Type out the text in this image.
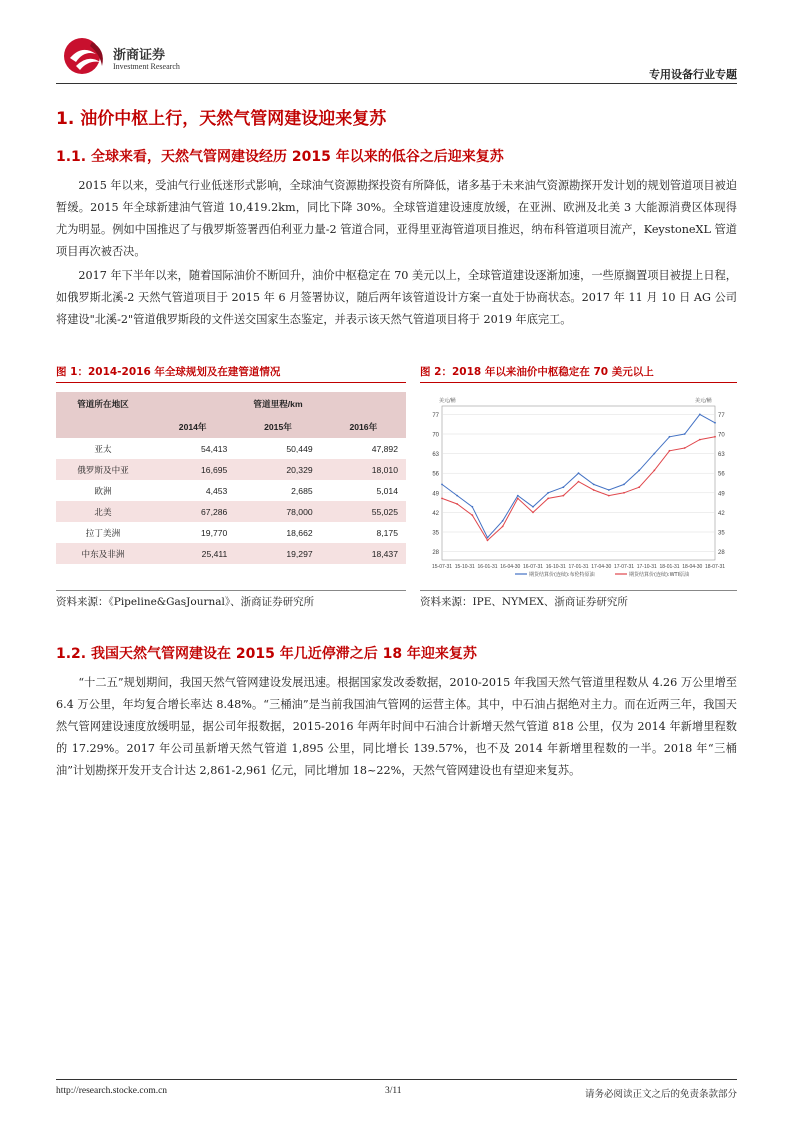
浙商证券
Investment Research
专用设备行业专题
1. 油价中枢上行，天然气管网建设迎来复苏
1.1. 全球来看，天然气管网建设经历 2015 年以来的低谷之后迎来复苏

2015 年以来，受油气行业低迷形式影响，全球油气资源勘探投资有所降低，诸多基于未来油气资源勘探开发计划的规划管道项目被迫暂缓。2015 年全球新建油气管道 10,419.2km，同比下降 30%。全球管道建设速度放缓，在亚洲、欧洲及北美 3 大能源消费区体现得尤为明显。例如中国推迟了与俄罗斯签署西伯利亚力量-2 管道合同，亚得里亚海管道项目推迟，纳布科管道项目流产，KeystoneXL 管道项目再次被否决。

2017 年下半年以来，随着国际油价不断回升，油价中枢稳定在 70 美元以上，全球管道建设逐渐加速，一些原搁置项目被提上日程，如俄罗斯北溪-2 天然气管道项目于 2015 年 6 月签署协议，随后两年该管道设计方案一直处于协商状态。2017 年 11 月 10 日 AG 公司将建设"北溪-2"管道俄罗斯段的文件送交国家生态鉴定，并表示该天然气管道项目将于 2019 年底完工。

图 1：2014-2016 年全球规划及在建管道情况
管道所在地区	管道里程/km		
	2014年	2015年	2016年
亚太	54,413	50,449	47,892
俄罗斯及中亚	16,695	20,329	18,010
欧洲	4,453	2,685	5,014
北美	67,286	78,000	55,025
拉丁美洲	19,770	18,662	8,175
中东及非洲	25,411	19,297	18,437
资料来源：《Pipeline&GasJournal》、浙商证券研究所
图 2：2018 年以来油价中枢稳定在 70 美元以上
28	28
35	35
42	42
49	49
56	56
63	63
70	70
77	77
美元/桶	美元/桶
15-07-31 15-10-31 16-01-31 16-04-30 16-07-31 16-10-31 17-01-31 17-04-30 17-07-31 17-10-31 18-01-31 18-04-30 18-07-31
期货结算价(连续):布伦特原油	期货结算价(连续):WTI原油
资料来源：IPE、NYMEX、浙商证券研究所
1.2. 我国天然气管网建设在 2015 年几近停滞之后 18 年迎来复苏

“十二五”规划期间，我国天然气管网建设发展迅速。根据国家发改委数据，2010-2015 年我国天然气管道里程数从 4.26 万公里增至 6.4 万公里，年均复合增长率达 8.48%。“三桶油”是当前我国油气管网的运营主体。其中，中石油占据绝对主力。而在近两三年，我国天然气管网建设速度放缓明显，据公司年报数据，2015-2016 年两年时间中石油合计新增天然气管道 818 公里，仅为 2014 年新增里程数的 17.29%。2017 年公司虽新增天然气管道 1,895 公里，同比增长 139.57%，也不及 2014 年新增里程数的一半。2018 年“三桶油”计划勘探开发开支合计达 2,861-2,961 亿元，同比增加 18~22%，天然气管网建设也有望迎来复苏。

http://research.stocke.com.cn	3/11	请务必阅读正文之后的免责条款部分
